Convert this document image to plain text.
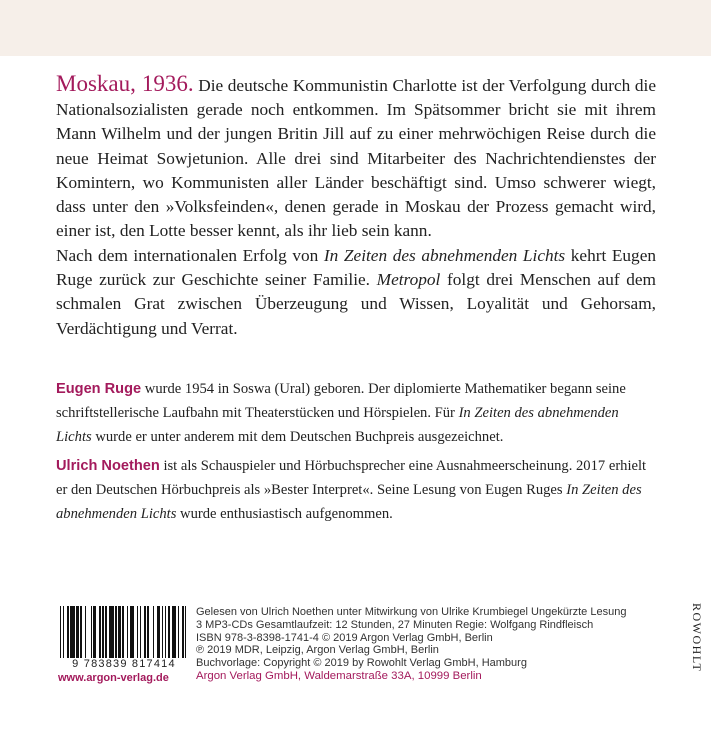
Moskau, 1936. Die deutsche Kommunistin Charlotte ist der Verfolgung durch die Nationalsozialisten gerade noch entkommen. Im Spätsommer bricht sie mit ihrem Mann Wilhelm und der jungen Britin Jill auf zu einer mehrwöchigen Reise durch die neue Heimat Sowjetunion. Alle drei sind Mitarbeiter des Nachrichtendienstes der Komintern, wo Kommunisten aller Länder beschäftigt sind. Umso schwerer wiegt, dass unter den »Volksfeinden«, denen gerade in Moskau der Prozess gemacht wird, einer ist, den Lotte besser kennt, als ihr lieb sein kann.

Nach dem internationalen Erfolg von In Zeiten des abnehmenden Lichts kehrt Eugen Ruge zurück zur Geschichte seiner Familie. Metropol folgt drei Menschen auf dem schmalen Grat zwischen Überzeugung und Wissen, Loyalität und Gehorsam, Verdächtigung und Verrat.

Eugen Ruge wurde 1954 in Soswa (Ural) geboren. Der diplomierte Mathematiker begann seine schriftstellerische Laufbahn mit Theaterstücken und Hörspielen. Für In Zeiten des abnehmenden Lichts wurde er unter anderem mit dem Deutschen Buchpreis ausgezeichnet.

Ulrich Noethen ist als Schauspieler und Hörbuchsprecher eine Ausnahmeerscheinung. 2017 erhielt er den Deutschen Hörbuchpreis als »Bester Interpret«. Seine Lesung von Eugen Ruges In Zeiten des abnehmenden Lichts wurde enthusiastisch aufgenommen.

9 783839 817414
www.argon-verlag.de
Gelesen von Ulrich Noethen unter Mitwirkung von Ulrike Krumbiegel Ungekürzte Lesung
3 MP3-CDs Gesamtlaufzeit: 12 Stunden, 27 Minuten Regie: Wolfgang Rindfleisch
ISBN 978-3-8398-1741-4 © 2019 Argon Verlag GmbH, Berlin
℗ 2019 MDR, Leipzig, Argon Verlag GmbH, Berlin
Buchvorlage: Copyright © 2019 by Rowohlt Verlag GmbH, Hamburg
Argon Verlag GmbH, Waldemarstraße 33A, 10999 Berlin
ROWOHLT
